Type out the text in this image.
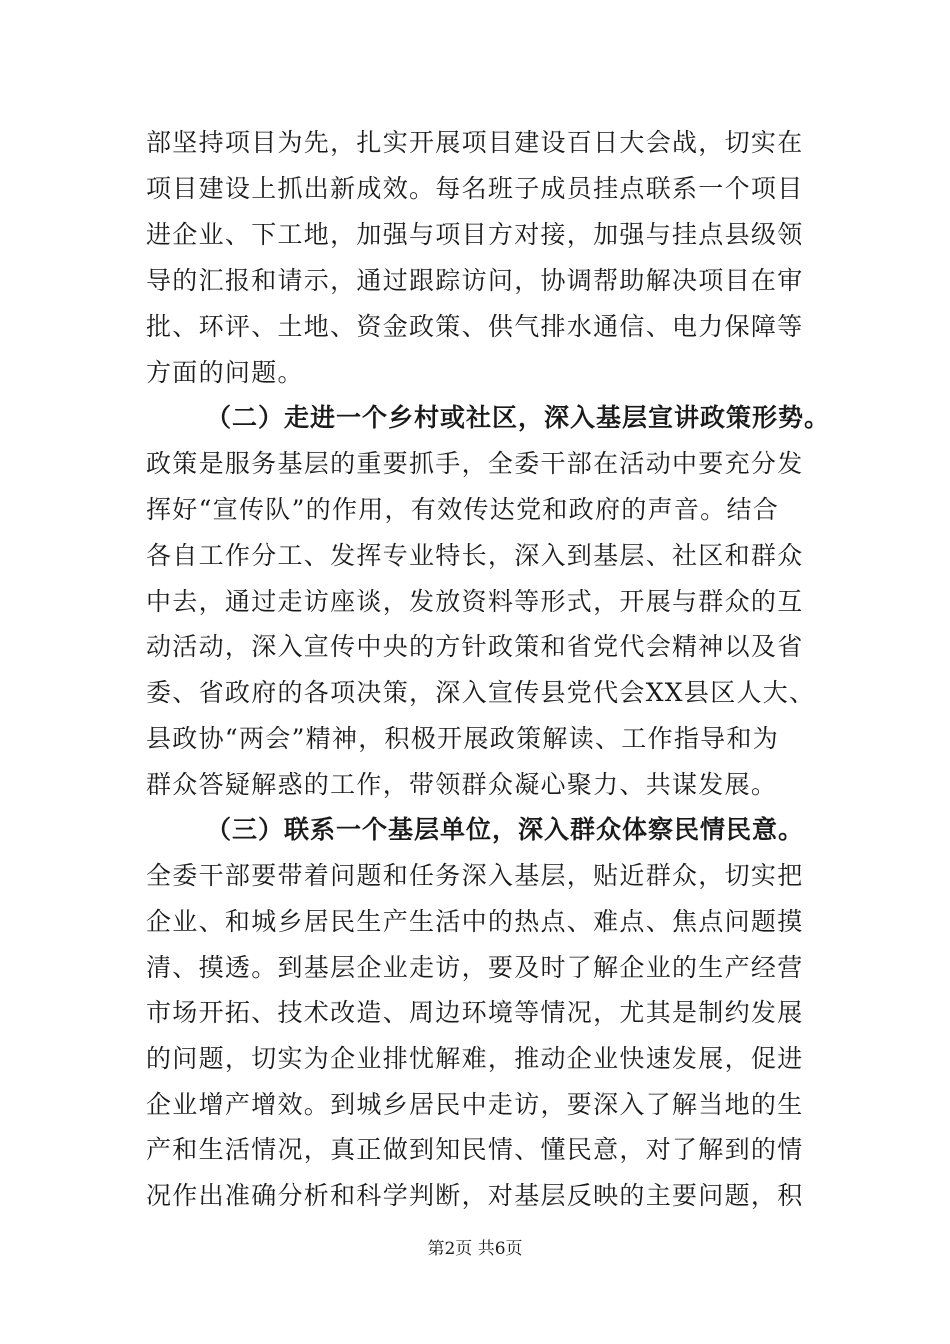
部坚持项目为先，扎实开展项目建设百日大会战，切实在
项目建设上抓出新成效。每名班子成员挂点联系一个项目
进企业、下工地，加强与项目方对接，加强与挂点县级领
导的汇报和请示，通过跟踪访问，协调帮助解决项目在审
批、环评、土地、资金政策、供气排水通信、电力保障等
方面的问题。
（二）走进一个乡村或社区，深入基层宣讲政策形势。
政策是服务基层的重要抓手，全委干部在活动中要充分发
挥好“宣传队”的作用，有效传达党和政府的声音。结合
各自工作分工、发挥专业特长，深入到基层、社区和群众
中去，通过走访座谈，发放资料等形式，开展与群众的互
动活动，深入宣传中央的方针政策和省党代会精神以及省
委、省政府的各项决策，深入宣传县党代会XX县区人大、
县政协“两会”精神，积极开展政策解读、工作指导和为
群众答疑解惑的工作，带领群众凝心聚力、共谋发展。
（三）联系一个基层单位，深入群众体察民情民意。
全委干部要带着问题和任务深入基层，贴近群众，切实把
企业、和城乡居民生产生活中的热点、难点、焦点问题摸
清、摸透。到基层企业走访，要及时了解企业的生产经营
市场开拓、技术改造、周边环境等情况，尤其是制约发展
的问题，切实为企业排忧解难，推动企业快速发展，促进
企业增产增效。到城乡居民中走访，要深入了解当地的生
产和生活情况，真正做到知民情、懂民意，对了解到的情
况作出准确分析和科学判断，对基层反映的主要问题，积
第2页 共6页
